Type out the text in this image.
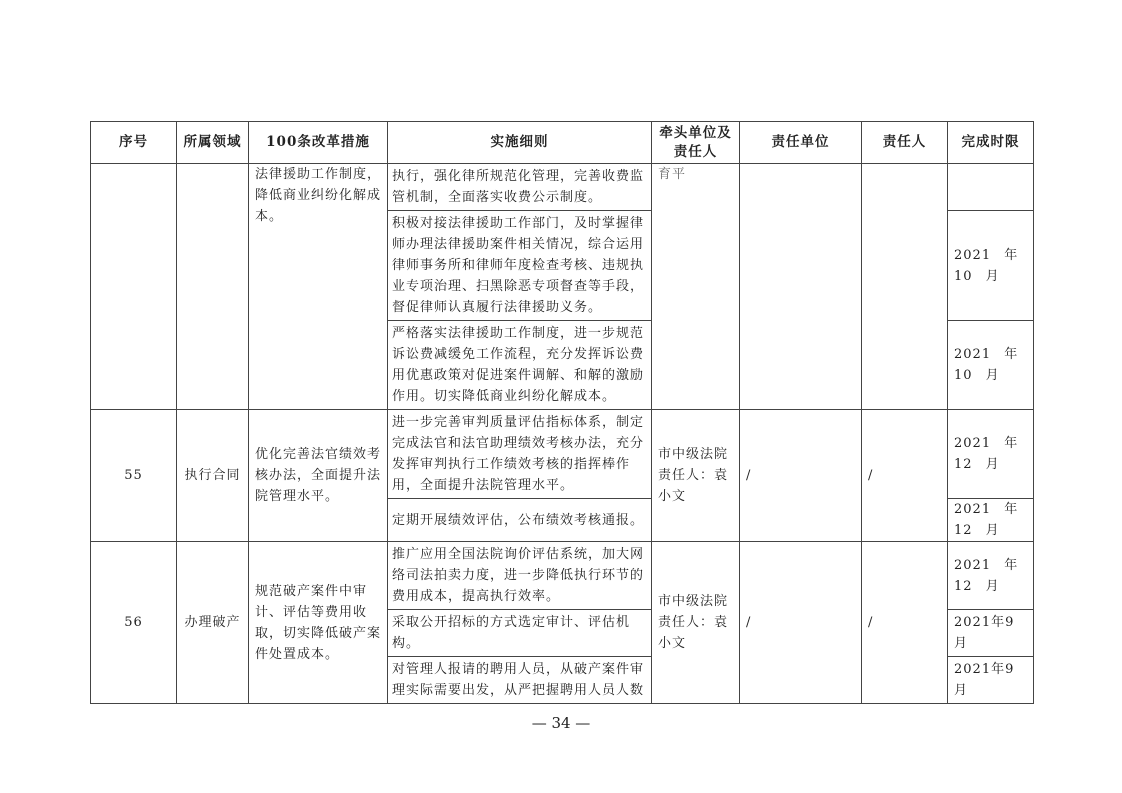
序号	所属领域	100条改革措施	实施细则	牵头单位及责任人	责任单位	责任人	完成时限
		法律援助工作制度，降低商业纠纷化解成本。	执行，强化律所规范化管理，完善收费监管机制，全面落实收费公示制度。	育平			
			积极对接法律援助工作部门，及时掌握律师办理法律援助案件相关情况，综合运用律师事务所和律师年度检查考核、违规执业专项治理、扫黑除恶专项督查等手段，督促律师认真履行法律援助义务。				2021 年 10 月
			严格落实法律援助工作制度，进一步规范诉讼费减缓免工作流程，充分发挥诉讼费用优惠政策对促进案件调解、和解的激励作用。切实降低商业纠纷化解成本。				2021 年 10 月
55	执行合同	优化完善法官绩效考核办法，全面提升法院管理水平。	进一步完善审判质量评估指标体系，制定完成法官和法官助理绩效考核办法，充分发挥审判执行工作绩效考核的指挥棒作用，全面提升法院管理水平。	市中级法院责任人：袁小文	/	/	2021 年 12 月
			定期开展绩效评估，公布绩效考核通报。				2021 年 12 月
56	办理破产	规范破产案件中审计、评估等费用收取，切实降低破产案件处置成本。	推广应用全国法院询价评估系统，加大网络司法拍卖力度，进一步降低执行环节的费用成本，提高执行效率。	市中级法院责任人：袁小文	/	/	2021 年 12 月
			采取公开招标的方式选定审计、评估机构。				2021年9月
			对管理人报请的聘用人员，从破产案件审理实际需要出发，从严把握聘用人员人数				2021年9月
— 34 —
